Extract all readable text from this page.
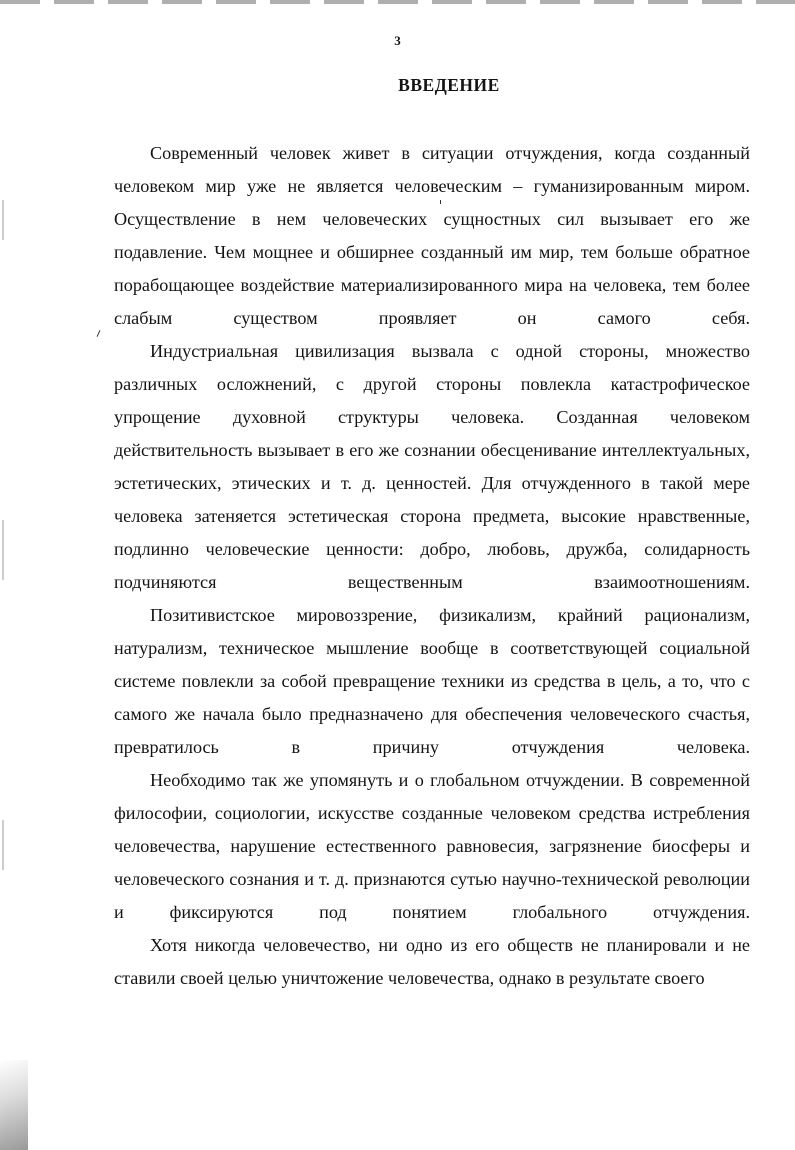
3
ВВЕДЕНИЕ

Современный человек живет в ситуации отчуждения, когда созданный человеком мир уже не является человеческим – гуманизированным миром. Осуществление в нем человеческих сущностных сил вызывает его же подавление. Чем мощнее и обширнее созданный им мир, тем больше обратное порабощающее воздействие материализированного мира на человека, тем более слабым существом проявляет он самого себя.

Индустриальная цивилизация вызвала с одной стороны, множество различных осложнений, с другой стороны повлекла катастрофическое упрощение духовной структуры человека. Созданная человеком действительность вызывает в его же сознании обесценивание интеллектуальных, эстетических, этических и т. д. ценностей. Для отчужденного в такой мере человека затеняется эстетическая сторона предмета, высокие нравственные, подлинно человеческие ценности: добро, любовь, дружба, солидарность подчиняются вещественным	взаимоотношениям.

Позитивистское мировоззрение, физикализм, крайний рационализм, натурализм, техническое мышление вообще в соответствующей социальной системе повлекли за собой превращение техники из средства в цель, а то, что с самого же начала было предназначено для обеспечения человеческого счастья, превратилось в причину отчуждения человека.

Необходимо так же упомянуть и о глобальном отчуждении. В современной философии, социологии, искусстве созданные человеком средства истребления человечества, нарушение естественного равновесия, загрязнение биосферы и человеческого сознания и т. д. признаются сутью научно-технической революции и фиксируются под понятием глобального	отчуждения.

Хотя никогда человечество, ни одно из его обществ не планировали и не ставили своей целью уничтожение человечества, однако в результате своего
